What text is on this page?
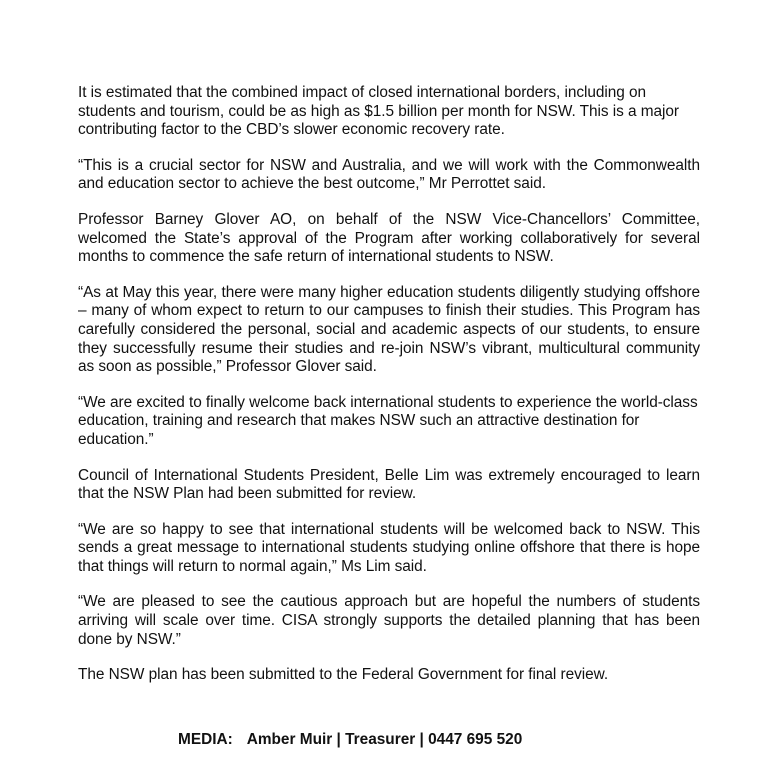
It is estimated that the combined impact of closed international borders, including on students and tourism, could be as high as $1.5 billion per month for NSW. This is a major contributing factor to the CBD’s slower economic recovery rate.

“This is a crucial sector for NSW and Australia, and we will work with the Commonwealth and education sector to achieve the best outcome,” Mr Perrottet said.

Professor Barney Glover AO, on behalf of the NSW Vice-Chancellors’ Committee, welcomed the State’s approval of the Program after working collaboratively for several months to commence the safe return of international students to NSW.

“As at May this year, there were many higher education students diligently studying offshore – many of whom expect to return to our campuses to finish their studies. This Program has carefully considered the personal, social and academic aspects of our students, to ensure they successfully resume their studies and re-join NSW’s vibrant, multicultural community as soon as possible,” Professor Glover said.

“We are excited to finally welcome back international students to experience the world-class education, training and research that makes NSW such an attractive destination for education.”

Council of International Students President, Belle Lim was extremely encouraged to learn that the NSW Plan had been submitted for review.

“We are so happy to see that international students will be welcomed back to NSW. This sends a great message to international students studying online offshore that there is hope that things will return to normal again,” Ms Lim said.

“We are pleased to see the cautious approach but are hopeful the numbers of students arriving will scale over time. CISA strongly supports the detailed planning that has been done by NSW.”

The NSW plan has been submitted to the Federal Government for final review.

MEDIA: Amber Muir | Treasurer | 0447 695 520
